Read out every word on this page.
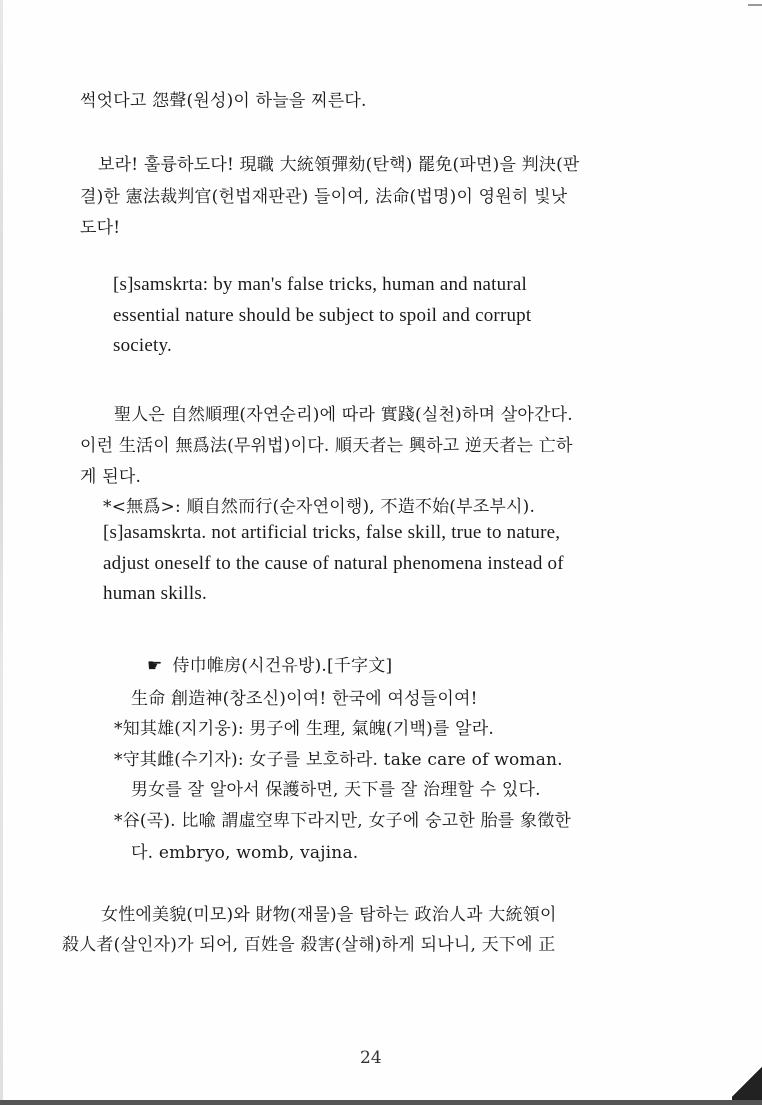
썩엇다고 怨聲(원성)이 하늘을 찌른다.
보라! 훌륭하도다! 現職 大統領彈劾(탄핵) 罷免(파면)을 判決(판
결)한 憲法裁判官(헌법재판관) 들이여, 法命(법명)이 영원히 빛낫
도다!
[s]samskrta: by man's false tricks, human and natural
essential nature should be subject to spoil and corrupt
society.
聖人은 自然順理(자연순리)에 따라 實踐(실천)하며 살아간다.
이런 生活이 無爲法(무위법)이다. 順天者는 興하고 逆天者는 亡하
게 된다.
*<無爲>: 順自然而行(순자연이행), 不造不始(부조부시).
[s]asamskrta. not artificial tricks, false skill, true to nature,
adjust oneself to the cause of natural phenomena instead of
human skills.
☛ 侍巾帷房(시건유방).[千字文]
生命 創造神(창조신)이여! 한국에 여성들이여!
*知其雄(지기웅): 男子에 生理, 氣魄(기백)를 알라.
*守其雌(수기자): 女子를 보호하라. take care of woman.
男女를 잘 알아서 保護하면, 天下를 잘 治理할 수 있다.
*谷(곡). 比喩 謂虛空卑下라지만, 女子에 숭고한 胎를 象徵한
다. embryo, womb, vajina.
女性에美貌(미모)와 財物(재물)을 탐하는 政治人과 大統領이
殺人者(살인자)가 되어, 百姓을 殺害(살해)하게 되나니, 天下에 正
24
